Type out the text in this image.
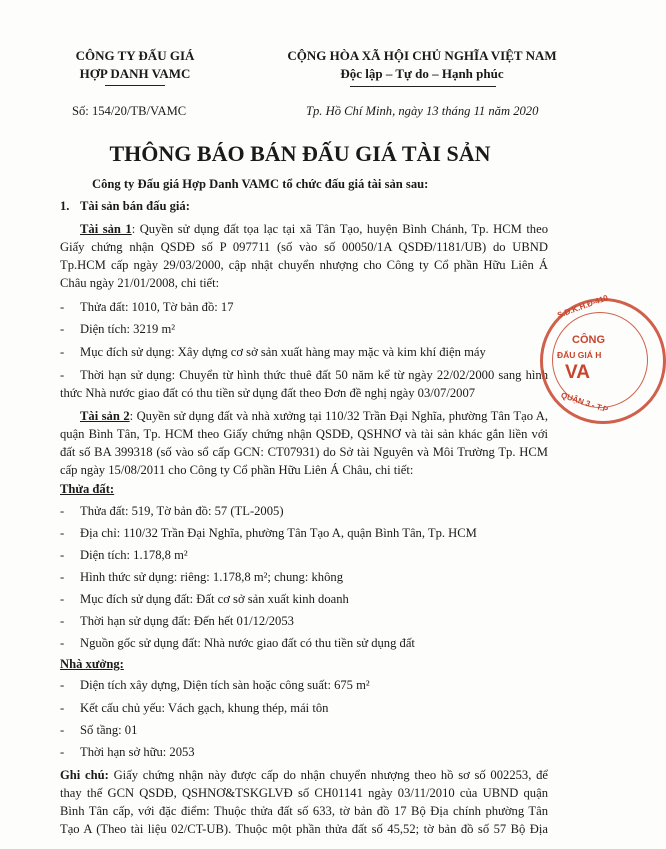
CÔNG TY ĐẤU GIÁ
HỢP DANH VAMC
CỘNG HÒA XÃ HỘI CHỦ NGHĨA VIỆT NAM
Độc lập – Tự do – Hạnh phúc
Số: 154/20/TB/VAMC	Tp. Hồ Chí Minh, ngày 13 tháng 11 năm 2020
THÔNG BÁO BÁN ĐẤU GIÁ TÀI SẢN
Công ty Đấu giá Hợp Danh VAMC tổ chức đấu giá tài sản sau:
1. Tài sản bán đấu giá:
Tài sản 1: Quyền sử dụng đất tọa lạc tại xã Tân Tạo, huyện Bình Chánh, Tp. HCM theo
Giấy chứng nhận QSDĐ số P 097711 (số vào số 00050/1A QSDĐ/1181/UB) do UBND
Tp.HCM cấp ngày 29/03/2000, cập nhật chuyển nhượng cho Công ty Cổ phần Hữu Liên Á
Châu ngày 21/01/2008, chi tiết:
- Thửa đất: 1010, Tờ bản đồ: 17
- Diện tích: 3219 m²
- Mục đích sử dụng: Xây dựng cơ sở sản xuất hàng may mặc và kim khí điện máy
- Thời hạn sử dụng: Chuyển từ hình thức thuê đất 50 năm kể từ ngày 22/02/2000 sang hình
thức Nhà nước giao đất có thu tiền sử dụng đất theo Đơn đề nghị ngày 03/07/2007
Tài sản 2: Quyền sử dụng đất và nhà xưởng tại 110/32 Trần Đại Nghĩa, phường Tân Tạo A,
quận Bình Tân, Tp. HCM theo Giấy chứng nhận QSDĐ, QSHNƠ và tài sản khác gắn liền với
đất số BA 399318 (số vào sổ cấp GCN: CT07931) do Sở tài Nguyên và Môi Trường Tp. HCM
cấp ngày 15/08/2011 cho Công ty Cổ phần Hữu Liên Á Châu, chi tiết:
Thửa đất:
- Thửa đất: 519, Tờ bản đồ: 57 (TL-2005)
- Địa chỉ: 110/32 Trần Đại Nghĩa, phường Tân Tạo A, quận Bình Tân, Tp. HCM
- Diện tích: 1.178,8 m²
- Hình thức sử dụng: riêng: 1.178,8 m²; chung: không
- Mục đích sử dụng đất: Đất cơ sở sản xuất kinh doanh
- Thời hạn sử dụng đất: Đến hết 01/12/2053
- Nguồn gốc sử dụng đất: Nhà nước giao đất có thu tiền sử dụng đất
Nhà xưởng:
- Diện tích xây dựng, Diện tích sàn hoặc công suất: 675 m²
- Kết cấu chủ yếu: Vách gạch, khung thép, mái tôn
- Số tầng: 01
- Thời hạn sở hữu: 2053
Ghi chú: Giấy chứng nhận này được cấp do nhận chuyển nhượng theo hồ sơ số 002253, để
thay thế GCN QSDĐ, QSHNƠ&TSKGLVĐ số CH01141 ngày 03/11/2010 của UBND quận
Bình Tân cấp, với đặc điểm: Thuộc thửa đất số 633, tờ bản đồ 17 Bộ Địa chính phường Tân
Tạo A (Theo tài liệu 02/CT-UB). Thuộc một phần thửa đất số 45,52; tờ bản đồ số 57 Bộ Địa
S.Đ.K.H.Đ-410
CÔNG
ĐẤU GIÁ H
VA
QUẬN 3 - T.P
